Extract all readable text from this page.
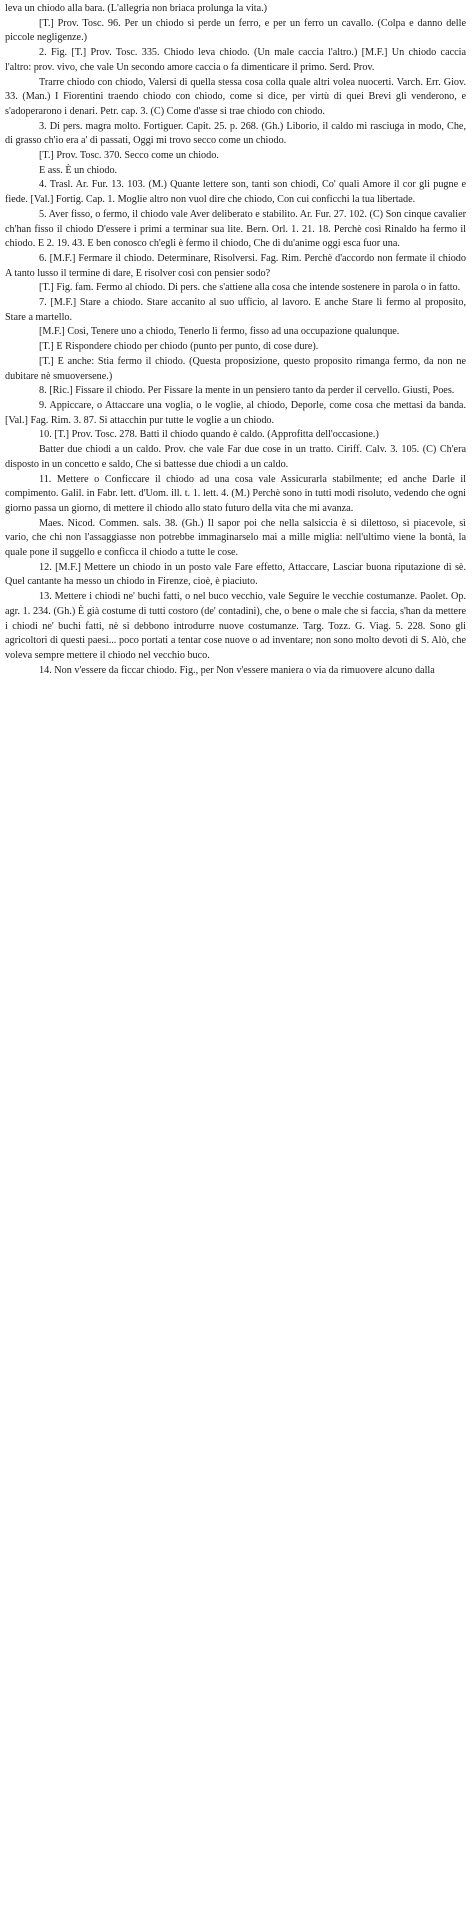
leva un chiodo alla bara. (L'allegria non briaca prolunga la vita.)

[T.] Prov. Tosc. 96. Per un chiodo si perde un ferro, e per un ferro un cavallo. (Colpa e danno delle piccole negligenze.)

2. Fig. [T.] Prov. Tosc. 335. Chiodo leva chiodo. (Un male caccia l'altro.) [M.F.] Un chiodo caccia l'altro: prov. vivo, che vale Un secondo amore caccia o fa dimenticare il primo. Serd. Prov.

Trarre chiodo con chiodo, Valersi di quella stessa cosa colla quale altri volea nuocerti. Varch. Err. Giov. 33. (Man.) I Fiorentini traendo chiodo con chiodo, come si dice, per virtù di quei Brevi gli venderono, e s'adoperarono i denari. Petr. cap. 3. (C) Come d'asse si trae chiodo con chiodo.

3. Di pers. magra molto. Fortiguer. Capit. 25. p. 268. (Gh.) Liborio, il caldo mi rasciuga in modo, Che, di grasso ch'io era a' di passati, Oggi mi trovo secco come un chiodo.

[T.] Prov. Tosc. 370. Secco come un chiodo.

E ass. È un chiodo.

4. Trasl. Ar. Fur. 13. 103. (M.) Quante lettere son, tanti son chiodi, Co' quali Amore il cor gli pugne e fiede. [Val.] Fortig. Cap. 1. Moglie altro non vuol dire che chiodo, Con cui conficchi la tua libertade.

5. Aver fisso, o fermo, il chiodo vale Aver deliberato e stabilito. Ar. Fur. 27. 102. (C) Son cinque cavalier ch'han fisso il chiodo D'essere i primi a terminar sua lite. Bern. Orl. 1. 21. 18. Perchè così Rinaldo ha fermo il chiodo. E 2. 19. 43. E ben conosco ch'egli è fermo il chiodo, Che di du'anime oggi esca fuor una.

6. [M.F.] Fermare il chiodo. Determinare, Risolversi. Fag. Rim. Perchè d'accordo non fermate il chiodo A tanto lusso il termine di dare, E risolver così con pensier sodo?

[T.] Fig. fam. Fermo al chiodo. Di pers. che s'attiene alla cosa che intende sostenere in parola o in fatto.

7. [M.F.] Stare a chiodo. Stare accanito al suo ufficio, al lavoro. E anche Stare lì fermo al proposito, Stare a martello.

[M.F.] Così, Tenere uno a chiodo, Tenerlo lì fermo, fisso ad una occupazione qualunque.

[T.] E Rispondere chiodo per chiodo (punto per punto, di cose dure).

[T.] E anche: Stia fermo il chiodo. (Questa proposizione, questo proposito rimanga fermo, da non ne dubitare nè smuoversene.)

8. [Ric.] Fissare il chiodo. Per Fissare la mente in un pensiero tanto da perder il cervello. Giusti, Poes.

9. Appiccare, o Attaccare una voglia, o le voglie, al chiodo, Deporle, come cosa che mettasi da banda. [Val.] Fag. Rim. 3. 87. Si attacchin pur tutte le voglie a un chiodo.

10. [T.] Prov. Tosc. 278. Batti il chiodo quando è caldo. (Approfitta dell'occasione.)

Batter due chiodi a un caldo. Prov. che vale Far due cose in un tratto. Ciriff. Calv. 3. 105. (C) Ch'era disposto in un concetto e saldo, Che si battesse due chiodi a un caldo.

11. Mettere o Conficcare il chiodo ad una cosa vale Assicurarla stabilmente; ed anche Darle il compimento. Galil. in Fabr. lett. d'Uom. ill. t. 1. lett. 4. (M.) Perchè sono in tutti modi risoluto, vedendo che ogni giorno passa un giorno, di mettere il chiodo allo stato futuro della vita che mi avanza.

Maes. Nicod. Commen. sals. 38. (Gh.) Il sapor poi che nella salsiccia è sì dilettoso, sì piacevole, sì vario, che chi non l'assaggiasse non potrebbe immaginarselo mai a mille miglia: nell'ultimo viene la bontà, la quale pone il suggello e conficca il chiodo a tutte le cose.

12. [M.F.] Mettere un chiodo in un posto vale Fare effetto, Attaccare, Lasciar buona riputazione di sè. Quel cantante ha messo un chiodo in Firenze, cioè, è piaciuto.

13. Mettere i chiodi ne' buchi fatti, o nel buco vecchio, vale Seguire le vecchie costumanze. Paolet. Op. agr. 1. 234. (Gh.) È già costume di tutti costoro (de' contadini), che, o bene o male che si faccia, s'han da mettere i chiodi ne' buchi fatti, nè si debbono introdurre nuove costumanze. Targ. Tozz. G. Viag. 5. 228. Sono gli agricoltori di questi paesi... poco portati a tentar cose nuove o ad inventare; non sono molto devoti di S. Alò, che voleva sempre mettere il chiodo nel vecchio buco.

14. Non v'essere da ficcar chiodo. Fig., per Non v'essere maniera o via da rimuovere alcuno dalla
